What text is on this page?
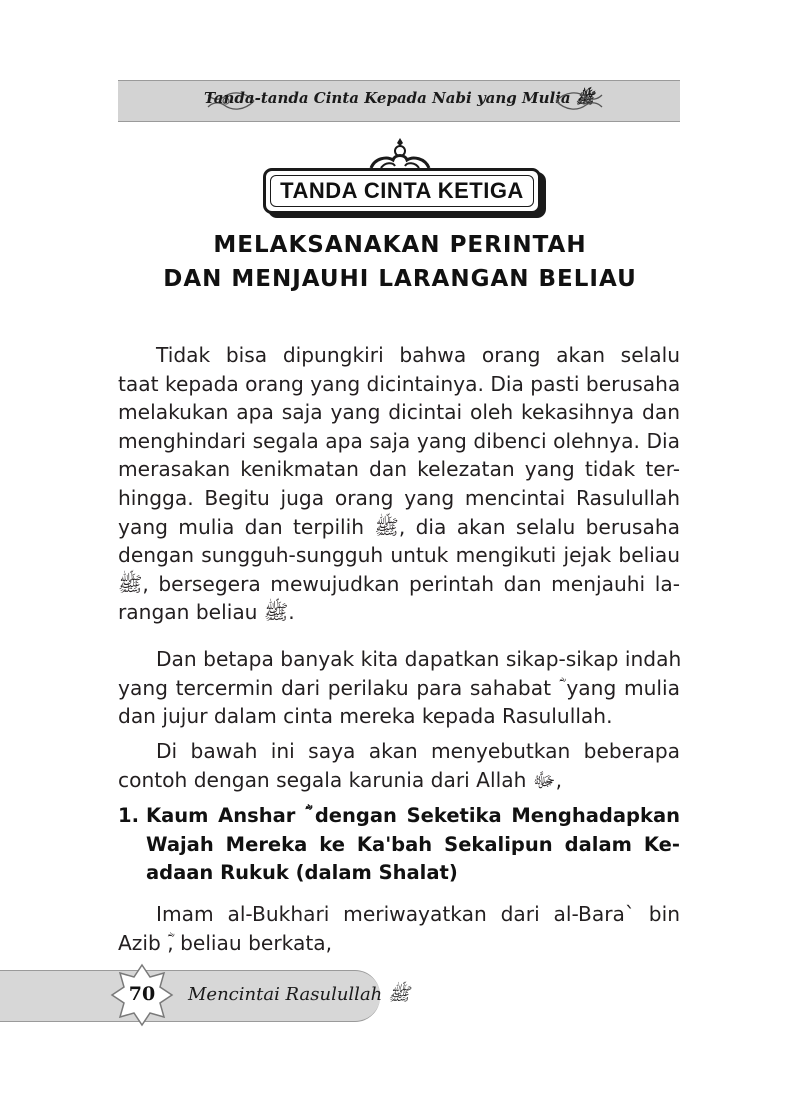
Tanda-tanda Cinta Kepada Nabi yang Mulia ﷺ
TANDA CINTA KETIGA
MELAKSANAKAN PERINTAH
DAN MENJAUHI LARANGAN BELIAU
Tidak bisa dipungkiri bahwa orang akan selalu
taat kepada orang yang dicintainya. Dia pasti berusaha
melakukan apa saja yang dicintai oleh kekasihnya dan
menghindari segala apa saja yang dibenci olehnya. Dia
merasakan kenikmatan dan kelezatan yang tidak ter-
hingga. Begitu juga orang yang mencintai Rasulullah
yang mulia dan terpilih ﷺ, dia akan selalu berusaha
dengan sungguh-sungguh untuk mengikuti jejak beliau
ﷺ, bersegera mewujudkan perintah dan menjauhi la-
rangan beliau ﷺ.
Dan betapa banyak kita dapatkan sikap-sikap indah
yang tercermin dari perilaku para sahabat ؓ yang mulia
dan jujur dalam cinta mereka kepada Rasulullah.
Di bawah ini saya akan menyebutkan beberapa
contoh dengan segala karunia dari Allah ﷻ,
1. Kaum Anshar ؓ dengan Seketika Menghadapkan
Wajah Mereka ke Ka'bah Sekalipun dalam Ke-
adaan Rukuk (dalam Shalat)
Imam al-Bukhari meriwayatkan dari al-Bara` bin
Azib ؓ, beliau berkata,
70	Mencintai Rasulullah ﷺ
